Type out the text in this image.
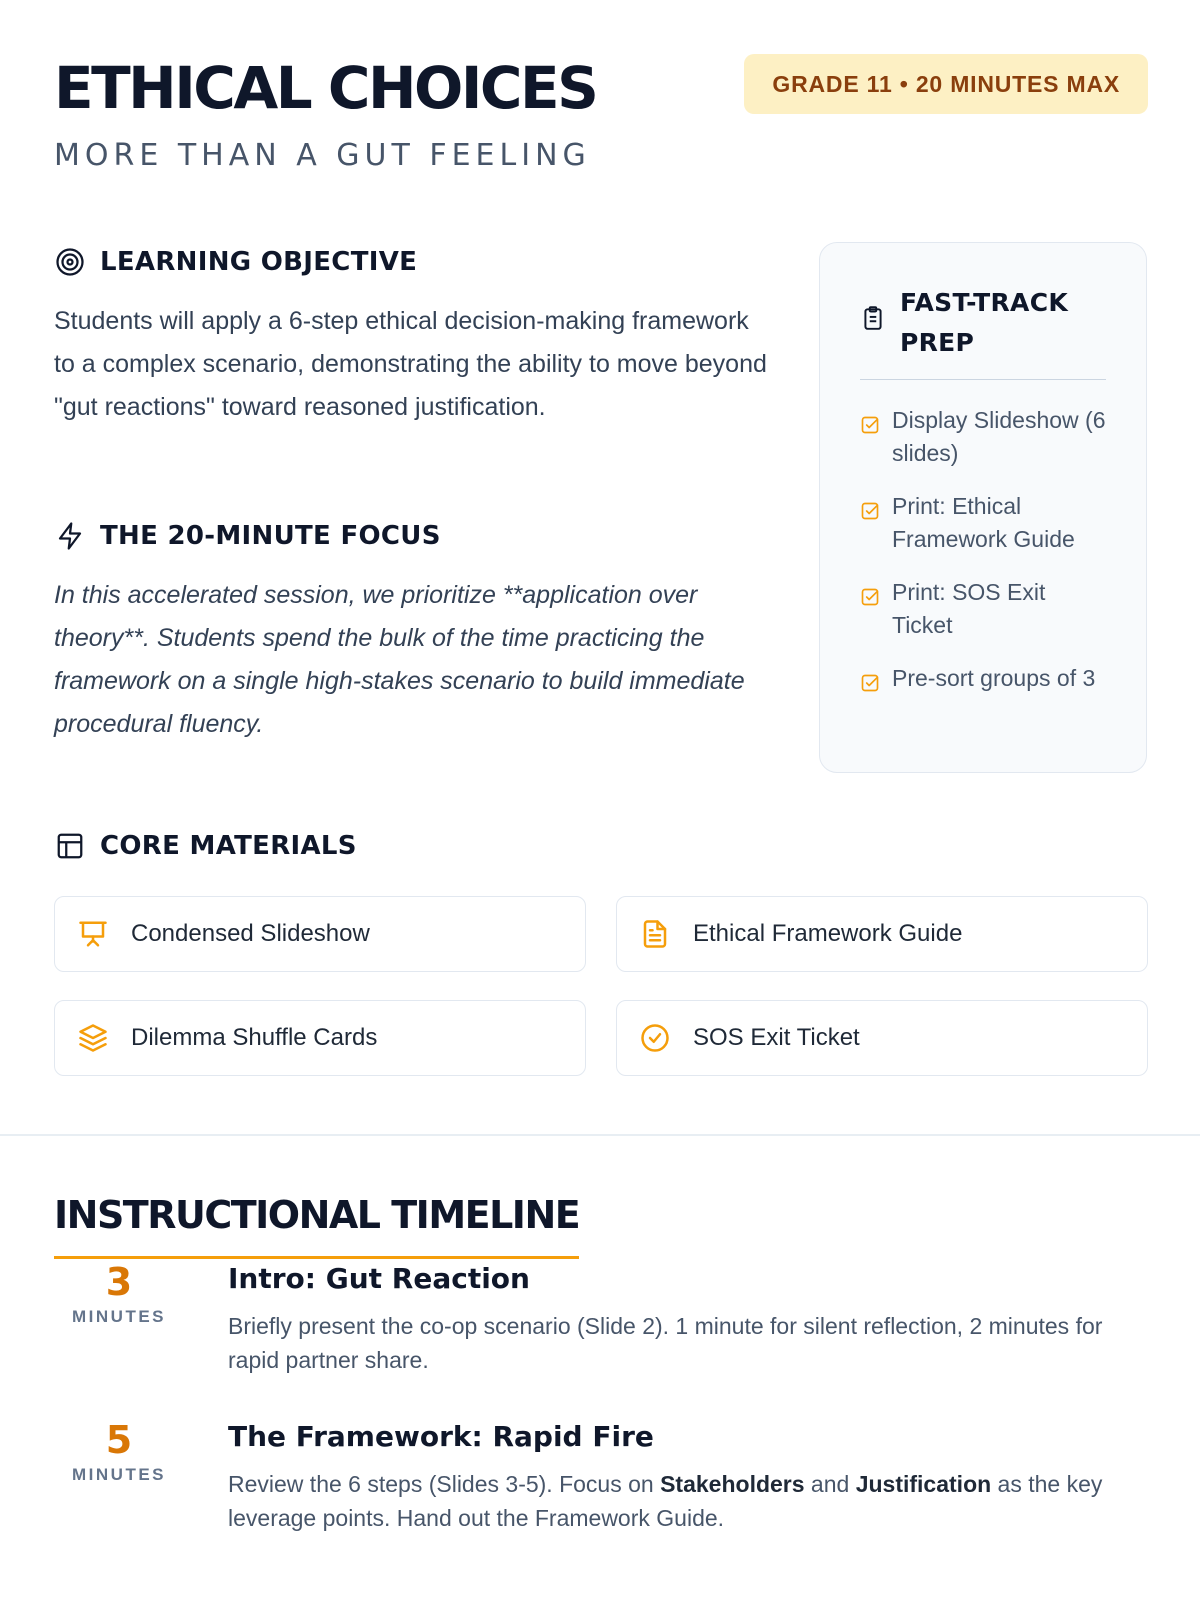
ETHICAL CHOICES
MORE THAN A GUT FEELING
GRADE 11 • 20 MINUTES MAX
LEARNING OBJECTIVE

Students will apply a 6-step ethical decision-making framework to a complex scenario, demonstrating the ability to move beyond "gut reactions" toward reasoned justification.

THE 20-MINUTE FOCUS

In this accelerated session, we prioritize **application over theory**. Students spend the bulk of the time practicing the framework on a single high-stakes scenario to build immediate procedural fluency.

FAST-TRACK PREP
Display Slideshow (6 slides)
Print: Ethical Framework Guide
Print: SOS Exit Ticket
Pre-sort groups of 3
CORE MATERIALS
Condensed Slideshow	Ethical Framework Guide
Dilemma Shuffle Cards	SOS Exit Ticket
INSTRUCTIONAL TIMELINE
3
MINUTES
Intro: Gut Reaction
Briefly present the co-op scenario (Slide 2). 1 minute for silent reflection, 2 minutes for rapid partner share.
5
MINUTES
The Framework: Rapid Fire
Review the 6 steps (Slides 3-5). Focus on Stakeholders and Justification as the key leverage points. Hand out the Framework Guide.
